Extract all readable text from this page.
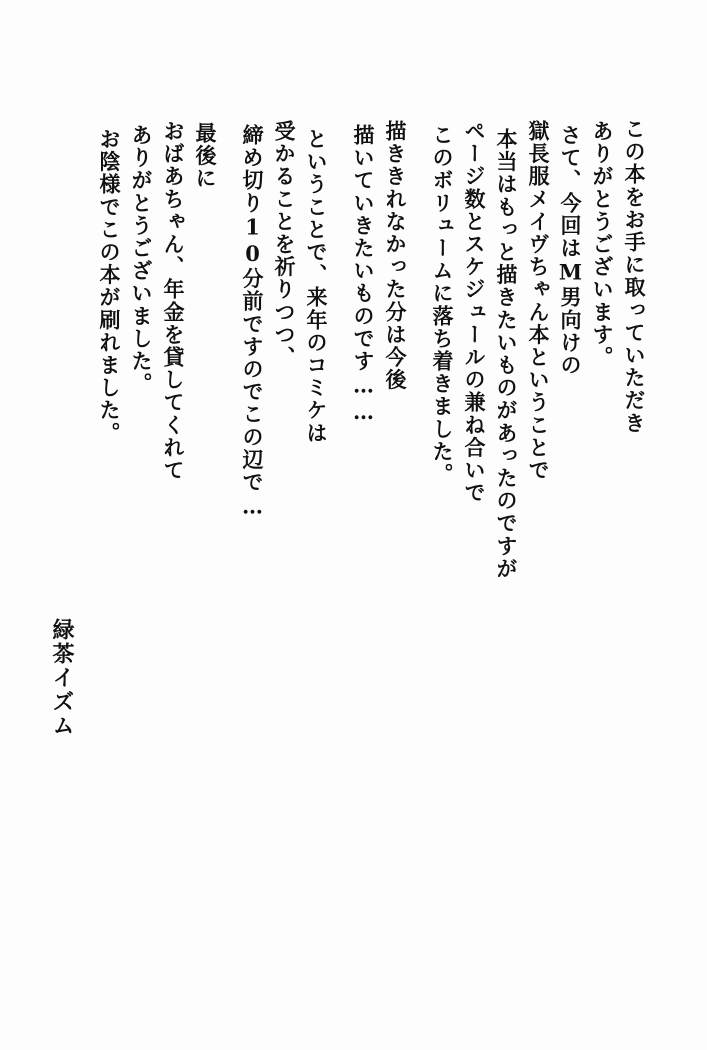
緑茶イズム
お陰様でこの本が刷れました。 ありがとうございました。 おばあちゃん、年金を貸してくれて 最後に 締め切り10分前ですのでこの辺で… 受かることを祈りつつ、 ということで、来年のコミケは 描いていきたいものです…… 描ききれなかった分は今後 このボリュームに落ち着きました。 ページ数とスケジュールの兼ね合いで 本当はもっと描きたいものがあったのですが 獄長服メイヴちゃん本ということで さて、今回はM男向けの ありがとうございます。 この本をお手に取っていただき
